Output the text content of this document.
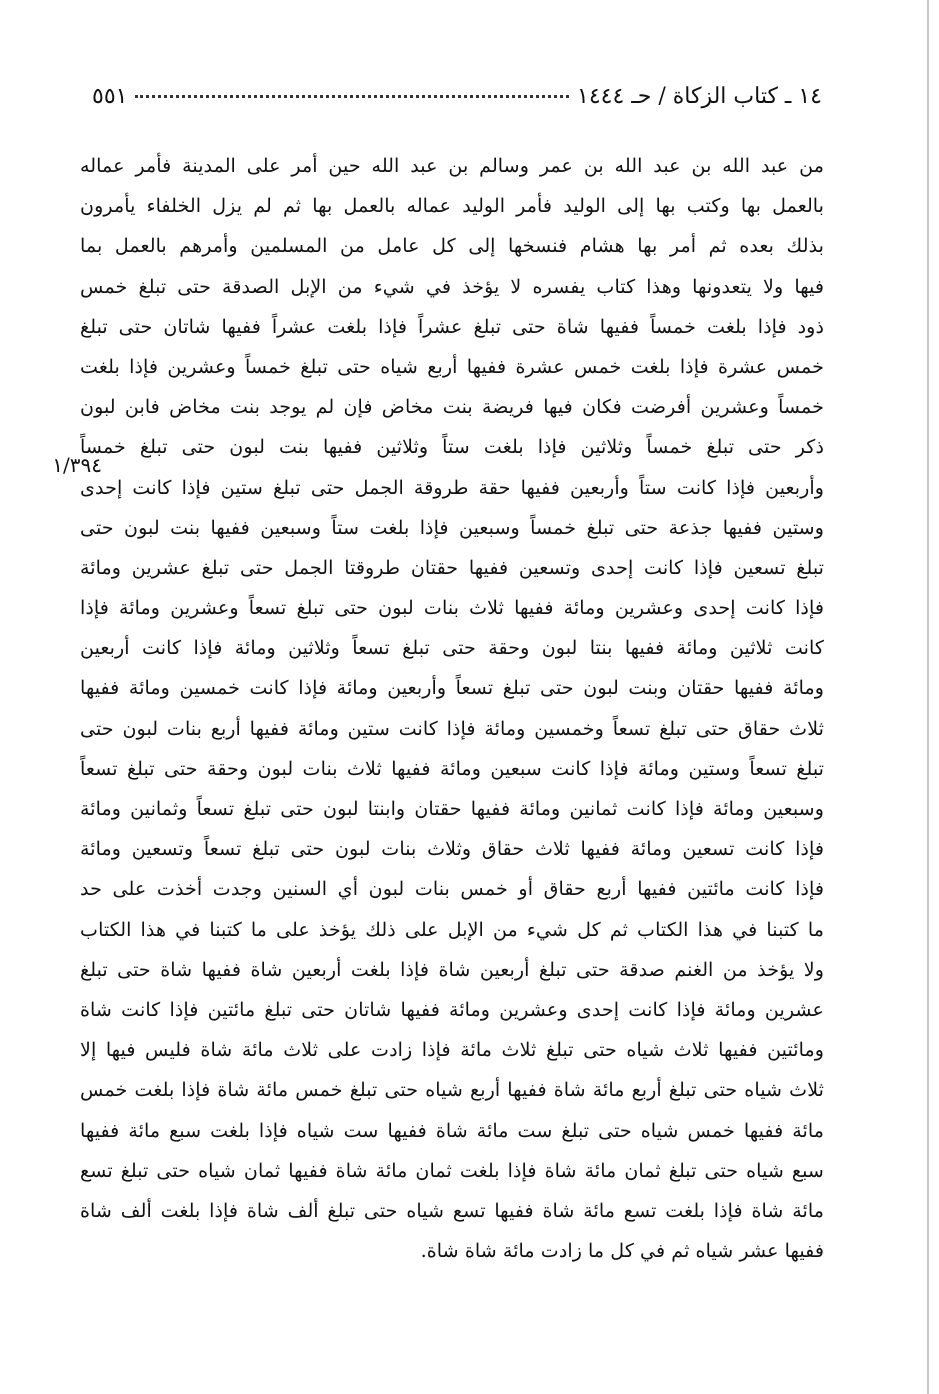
١٤ ـ كتاب الزكاة / حـ ١٤٤٤
٥٥١
١/٣٩٤
من عبد الله بن عبد الله بن عمر وسالم بن عبد الله حين أمر على المدينة فأمر عماله
بالعمل بها وكتب بها إلى الوليد فأمر الوليد عماله بالعمل بها ثم لم يزل الخلفاء يأمرون
بذلك بعده ثم أمر بها هشام فنسخها إلى كل عامل من المسلمين وأمرهم بالعمل بما
فيها ولا يتعدونها وهذا كتاب يفسره لا يؤخذ في شيء من الإبل الصدقة حتى تبلغ خمس
ذود فإذا بلغت خمساً ففيها شاة حتى تبلغ عشراً فإذا بلغت عشراً ففيها شاتان حتى تبلغ
خمس عشرة فإذا بلغت خمس عشرة ففيها أربع شياه حتى تبلغ خمساً وعشرين فإذا بلغت
خمساً وعشرين أفرضت فكان فيها فريضة بنت مخاض فإن لم يوجد بنت مخاض فابن لبون
ذكر حتى تبلغ خمساً وثلاثين فإذا بلغت ستاً وثلاثين ففيها بنت لبون حتى تبلغ خمساً
وأربعين فإذا كانت ستاً وأربعين ففيها حقة طروقة الجمل حتى تبلغ ستين فإذا كانت إحدى
وستين ففيها جذعة حتى تبلغ خمساً وسبعين فإذا بلغت ستاً وسبعين ففيها بنت لبون حتى
تبلغ تسعين فإذا كانت إحدى وتسعين ففيها حقتان طروقتا الجمل حتى تبلغ عشرين ومائة
فإذا كانت إحدى وعشرين ومائة ففيها ثلاث بنات لبون حتى تبلغ تسعاً وعشرين ومائة فإذا
كانت ثلاثين ومائة ففيها بنتا لبون وحقة حتى تبلغ تسعاً وثلاثين ومائة فإذا كانت أربعين
ومائة ففيها حقتان وبنت لبون حتى تبلغ تسعاً وأربعين ومائة فإذا كانت خمسين ومائة ففيها
ثلاث حقاق حتى تبلغ تسعاً وخمسين ومائة فإذا كانت ستين ومائة ففيها أربع بنات لبون حتى
تبلغ تسعاً وستين ومائة فإذا كانت سبعين ومائة ففيها ثلاث بنات لبون وحقة حتى تبلغ تسعاً
وسبعين ومائة فإذا كانت ثمانين ومائة ففيها حقتان وابنتا لبون حتى تبلغ تسعاً وثمانين ومائة
فإذا كانت تسعين ومائة ففيها ثلاث حقاق وثلاث بنات لبون حتى تبلغ تسعاً وتسعين ومائة
فإذا كانت مائتين ففيها أربع حقاق أو خمس بنات لبون أي السنين وجدت أخذت على حد
ما كتبنا في هذا الكتاب ثم كل شيء من الإبل على ذلك يؤخذ على ما كتبنا في هذا الكتاب
ولا يؤخذ من الغنم صدقة حتى تبلغ أربعين شاة فإذا بلغت أربعين شاة ففيها شاة حتى تبلغ
عشرين ومائة فإذا كانت إحدى وعشرين ومائة ففيها شاتان حتى تبلغ مائتين فإذا كانت شاة
ومائتين ففيها ثلاث شياه حتى تبلغ ثلاث مائة فإذا زادت على ثلاث مائة شاة فليس فيها إلا
ثلاث شياه حتى تبلغ أربع مائة شاة ففيها أربع شياه حتى تبلغ خمس مائة شاة فإذا بلغت خمس
مائة ففيها خمس شياه حتى تبلغ ست مائة شاة ففيها ست شياه فإذا بلغت سبع مائة ففيها
سبع شياه حتى تبلغ ثمان مائة شاة فإذا بلغت ثمان مائة شاة ففيها ثمان شياه حتى تبلغ تسع
مائة شاة فإذا بلغت تسع مائة شاة ففيها تسع شياه حتى تبلغ ألف شاة فإذا بلغت ألف شاة
ففيها عشر شياه ثم في كل ما زادت مائة شاة شاة.
